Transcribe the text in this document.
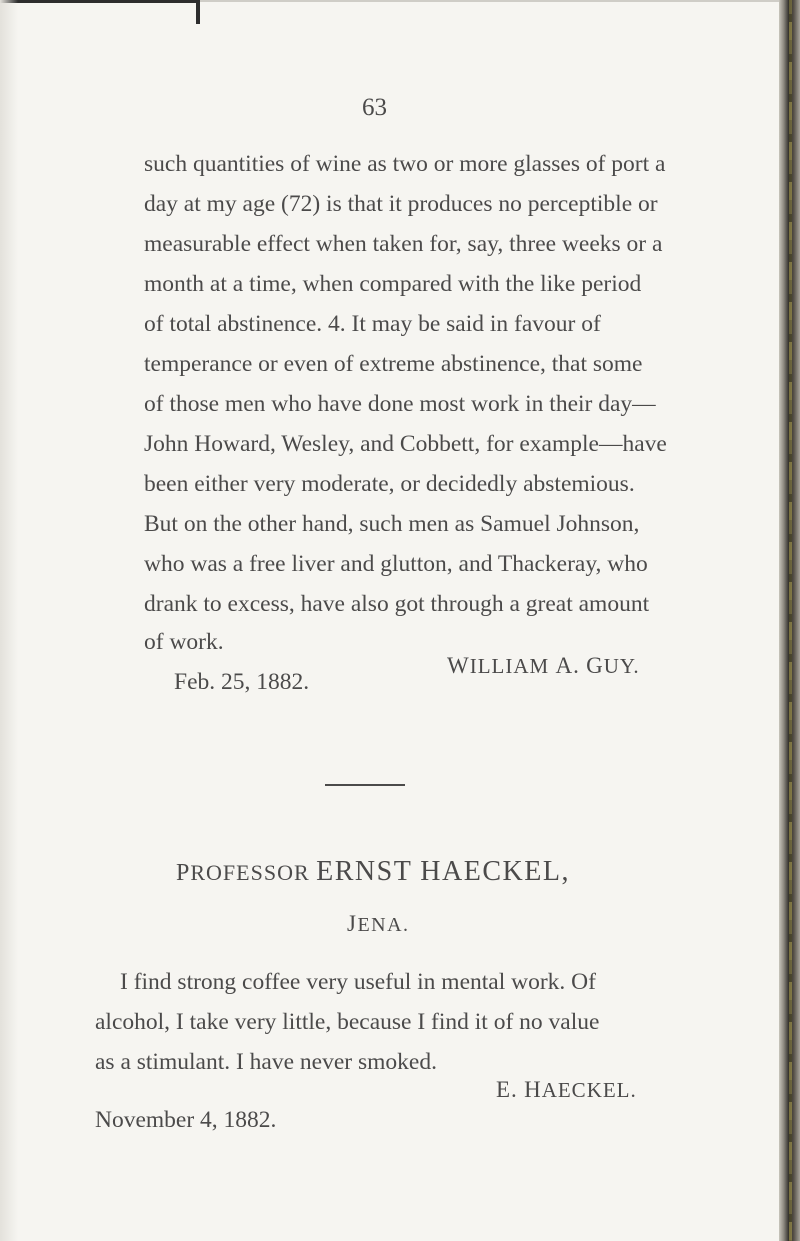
63
such quantities of wine as two or more glasses of port a
day at my age (72) is that it produces no perceptible or
measurable effect when taken for, say, three weeks or a
month at a time, when compared with the like period
of total abstinence. 4. It may be said in favour of
temperance or even of extreme abstinence, that some
of those men who have done most work in their day—
John Howard, Wesley, and Cobbett, for example—have
been either very moderate, or decidedly abstemious.
But on the other hand, such men as Samuel Johnson,
who was a free liver and glutton, and Thackeray, who
drank to excess, have also got through a great amount
of work.
WILLIAM A. GUY.
Feb. 25, 1882.
PROFESSOR ERNST HAECKEL,
JENA.
I find strong coffee very useful in mental work. Of
alcohol, I take very little, because I find it of no value
as a stimulant. I have never smoked.
E. HAECKEL.
November 4, 1882.
